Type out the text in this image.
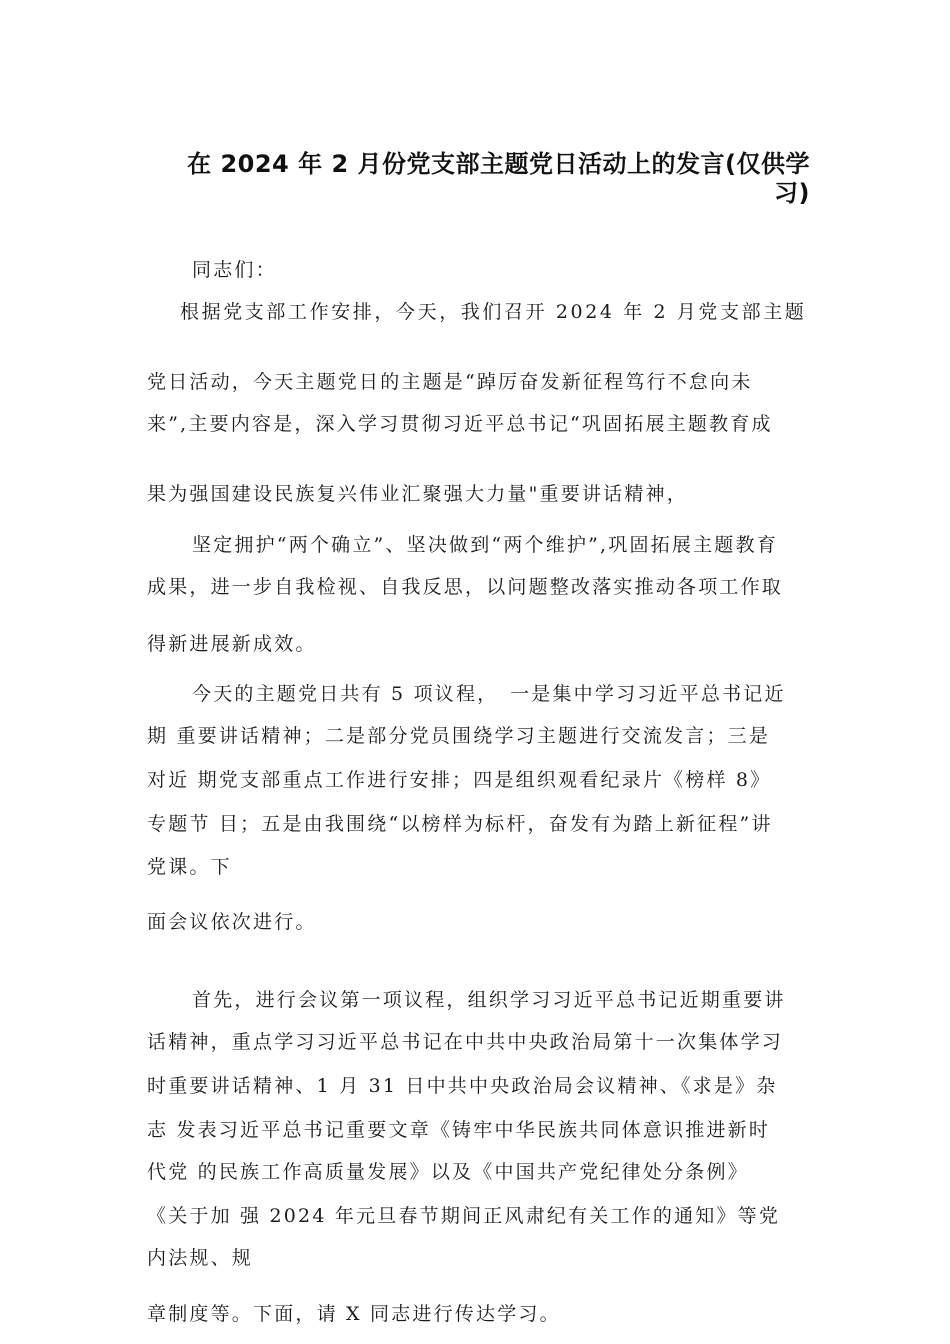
在 2024 年 2 月份党支部主题党日活动上的发言(仅供学
习)
同志们：
根据党支部工作安排，今天，我们召开 2024 年 2 月党支部主题
党日活动，今天主题党日的主题是“踔厉奋发新征程笃行不怠向未
来”,主要内容是，深入学习贯彻习近平总书记“巩固拓展主题教育成
果为强国建设民族复兴伟业汇聚强大力量"重要讲话精神，
坚定拥护“两个确立”、坚决做到“两个维护”,巩固拓展主题教育
成果，进一步自我检视、自我反思，以问题整改落实推动各项工作取
得新进展新成效。
今天的主题党日共有 5 项议程，　一是集中学习习近平总书记近
期 重要讲话精神；二是部分党员围绕学习主题进行交流发言；三是
对近 期党支部重点工作进行安排；四是组织观看纪录片《榜样 8》
专题节 目；五是由我围绕“以榜样为标杆，奋发有为踏上新征程”讲
党课。下
面会议依次进行。
首先，进行会议第一项议程，组织学习习近平总书记近期重要讲
话精神，重点学习习近平总书记在中共中央政治局第十一次集体学习
时重要讲话精神、1 月 31 日中共中央政治局会议精神、《求是》杂
志 发表习近平总书记重要文章《铸牢中华民族共同体意识推进新时
代党 的民族工作高质量发展》以及《中国共产党纪律处分条例》
《关于加 强 2024 年元旦春节期间正风肃纪有关工作的通知》等党
内法规、规
章制度等。下面，请 X 同志进行传达学习。
